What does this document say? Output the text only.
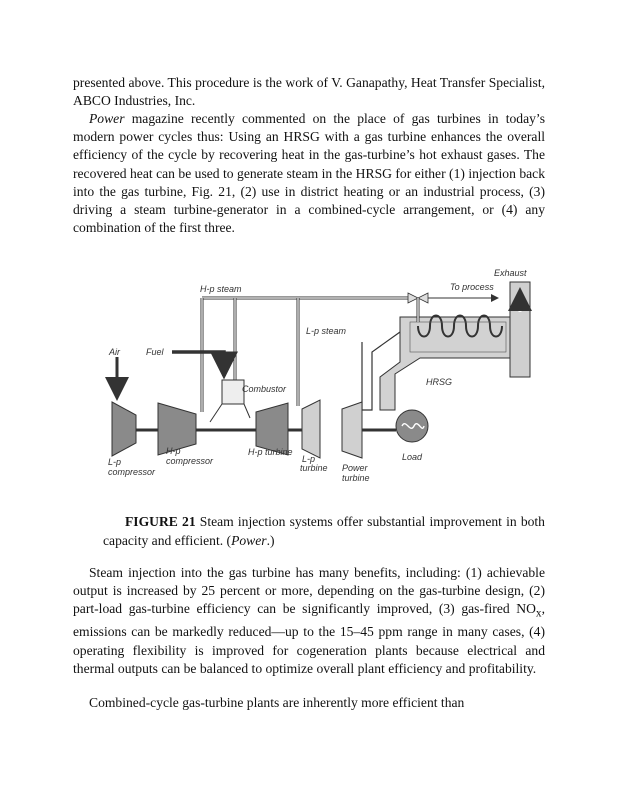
presented above. This procedure is the work of V. Ganapathy, Heat Transfer Specialist, ABCO Industries, Inc.

Power magazine recently commented on the place of gas turbines in today’s modern power cycles thus: Using an HRSG with a gas turbine enhances the overall efficiency of the cycle by recovering heat in the gas-turbine’s hot exhaust gases. The recovered heat can be used to generate steam in the HRSG for either (1) injection back into the gas turbine, Fig. 21, (2) use in district heating or an industrial process, (3) driving a steam turbine-generator in a combined-cycle arrangement, or (4) any combination of the first three.

Exhaust
HRSG
To process
H-p steam
L-p steam
Air	Fuel
Combustor
Load
L-p
compressor
H-p
compressor
H-p turbine
L-p
turbine Power
turbine

FIGURE 21 Steam injection systems offer substantial improvement in both capacity and efficient. (Power.)

Steam injection into the gas turbine has many benefits, including: (1) achievable output is increased by 25 percent or more, depending on the gas-turbine design, (2) part-load gas-turbine efficiency can be significantly improved, (3) gas-fired $NO_x$, emissions can be markedly reduced—up to the 15–45 ppm range in many cases, (4) operating flexibility is improved for cogeneration plants because electrical and thermal outputs can be balanced to optimize overall plant efficiency and profitability.

Combined-cycle gas-turbine plants are inherently more efficient than
